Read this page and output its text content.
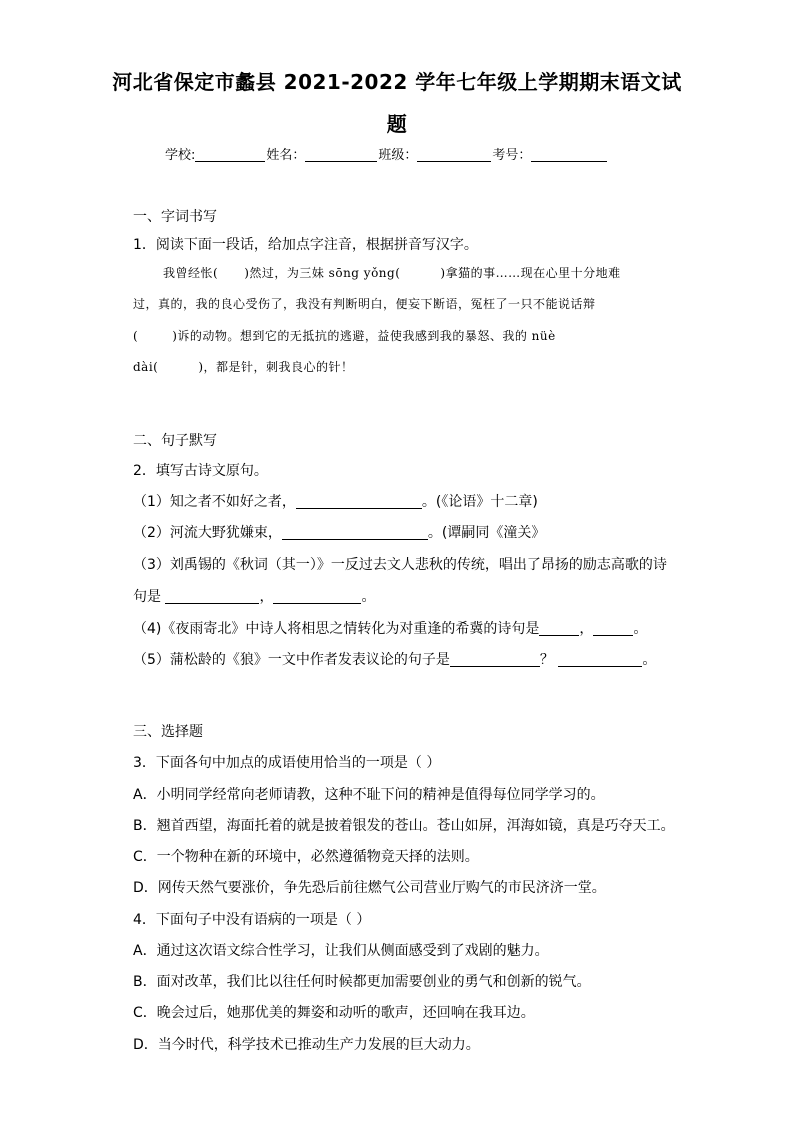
河北省保定市蠡县 2021-2022 学年七年级上学期期末语文试
题
学校:	姓名：	班级：	考号：
一、字词书写
1．阅读下面一段话，给加点字注音，根据拼音写汉字。
我曾经怅( )然过，为三妹 sōng yǒng(	)拿猫的事……现在心里十分地难
过，真的，我的良心受伤了，我没有判断明白，便妄下断语，冤枉了一只不能说话辩
(	)诉的动物。想到它的无抵抗的逃避，益使我感到我的暴怒、我的 nüè
dài(	)，都是针，刺我良心的针！
二、句子默写
2．填写古诗文原句。
（1）知之者不如好之者，	。(《论语》十二章)
（2）河流大野犹嫌束，	。(谭嗣同《潼关》
（3）刘禹锡的《秋词（其一）》一反过去文人悲秋的传统，唱出了昂扬的励志高歌的诗
句是	，	。
（4)《夜雨寄北》中诗人将相思之情转化为对重逢的希冀的诗句是	，	。
（5）蒲松龄的《狼》一文中作者发表议论的句子是	？	。
三、选择题
3．下面各句中加点的成语使用恰当的一项是（ ）
A．小明同学经常向老师请教，这种不耻下问的精神是值得每位同学学习的。
B．翘首西望，海面托着的就是披着银发的苍山。苍山如屏，洱海如镜，真是巧夺天工。
C．一个物种在新的环境中，必然遵循物竞天择的法则。
D．网传天然气要涨价，争先恐后前往燃气公司营业厅购气的市民济济一堂。
4．下面句子中没有语病的一项是（ ）
A．通过这次语文综合性学习，让我们从侧面感受到了戏剧的魅力。
B．面对改革，我们比以往任何时候都更加需要创业的勇气和创新的锐气。
C．晚会过后，她那优美的舞姿和动听的歌声，还回响在我耳边。
D．当今时代，科学技术已推动生产力发展的巨大动力。
